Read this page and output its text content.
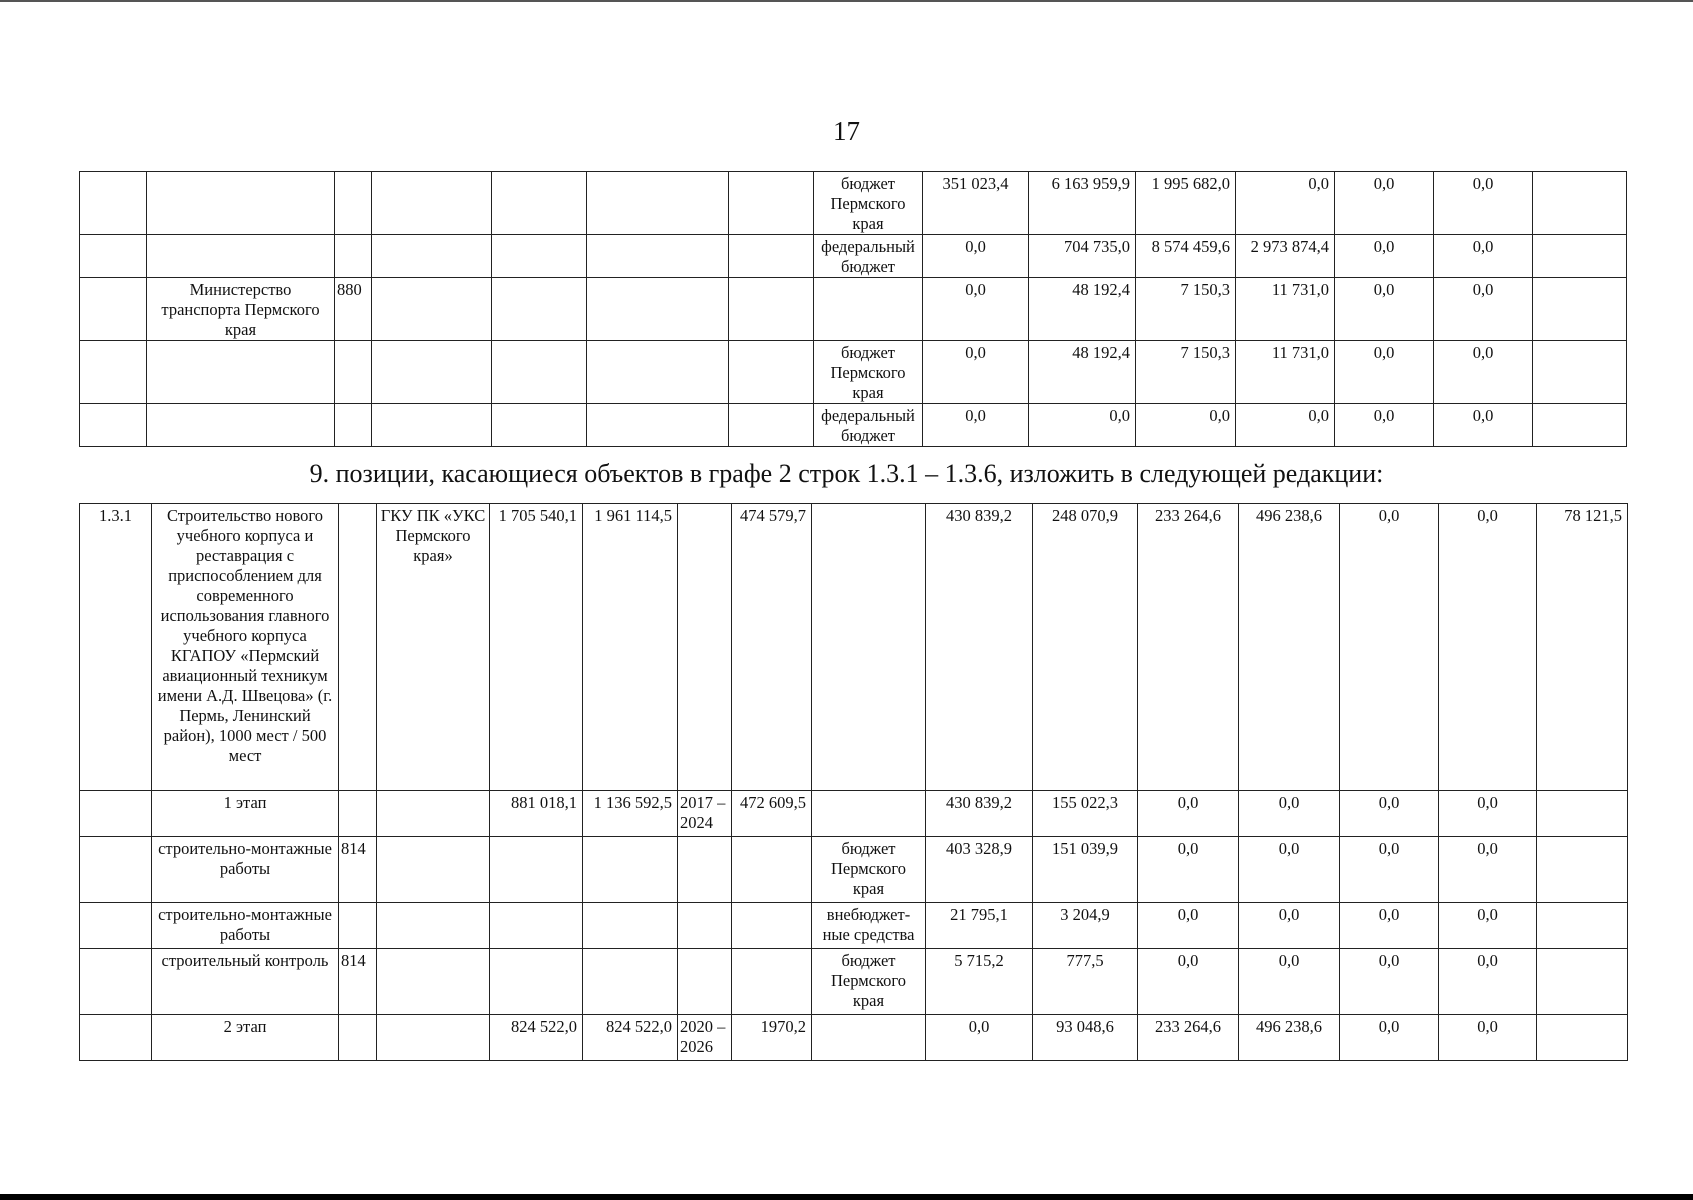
17
							бюджет Пермского края	351 023,4	6 163 959,9	1 995 682,0	0,0	0,0	0,0	
							федеральный бюджет	0,0	704 735,0	8 574 459,6	2 973 874,4	0,0	0,0	
	Министерство транспорта Пермского края	880						0,0	48 192,4	7 150,3	11 731,0	0,0	0,0	
							бюджет Пермского края	0,0	48 192,4	7 150,3	11 731,0	0,0	0,0	
							федеральный бюджет	0,0	0,0	0,0	0,0	0,0	0,0	
9. позиции, касающиеся объектов в графе 2 строк 1.3.1 – 1.3.6, изложить в следующей редакции:
1.3.1	Строительство нового учебного корпуса и реставрация с приспособлением для современного использования главного учебного корпуса КГАПОУ «Пермский авиационный техникум имени А.Д. Швецова» (г. Пермь, Ленинский район), 1000 мест / 500 мест		ГКУ ПК «УКС Пермского края»	1 705 540,1	1 961 114,5		474 579,7		430 839,2	248 070,9	233 264,6	496 238,6	0,0	0,0	78 121,5
	1 этап			881 018,1	1 136 592,5	2017 – 2024	472 609,5		430 839,2	155 022,3	0,0	0,0	0,0	0,0	
	строительно-монтажные работы	814						бюджет Пермского края	403 328,9	151 039,9	0,0	0,0	0,0	0,0	
	строительно-монтажные работы							внебюджет-ные средства	21 795,1	3 204,9	0,0	0,0	0,0	0,0	
	строительный контроль	814						бюджет Пермского края	5 715,2	777,5	0,0	0,0	0,0	0,0	
	2 этап			824 522,0	824 522,0	2020 – 2026	1970,2		0,0	93 048,6	233 264,6	496 238,6	0,0	0,0	
